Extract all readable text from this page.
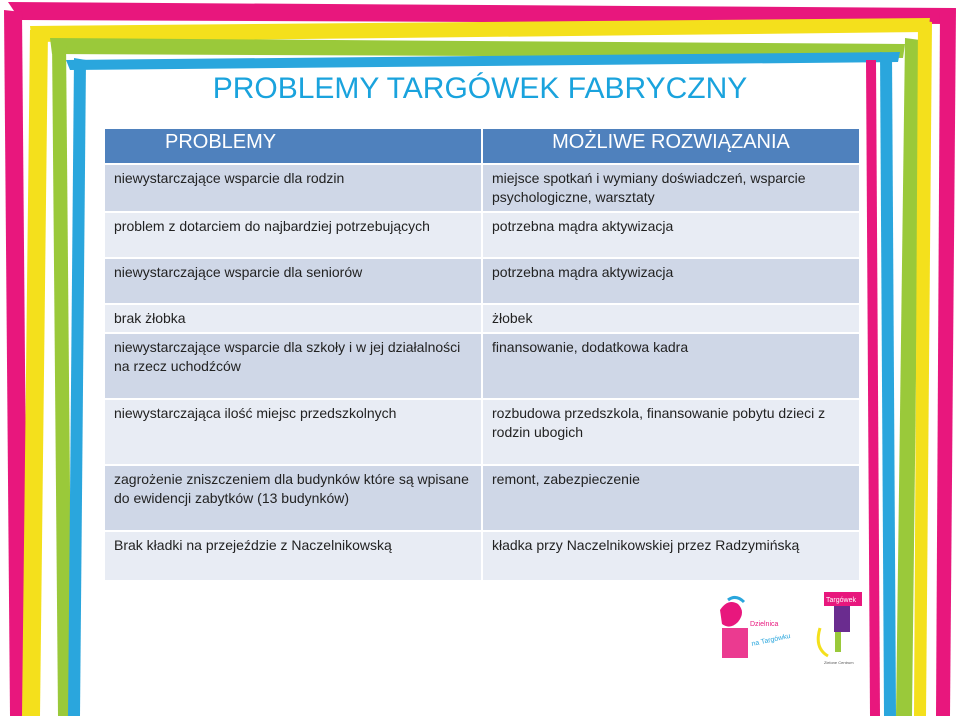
PROBLEMY TARGÓWEK FABRYCZNY
PROBLEMY	MOŻLIWE ROZWIĄZANIA
niewystarczające wsparcie dla rodzin	miejsce spotkań i wymiany doświadczeń, wsparcie psychologiczne, warsztaty
problem z dotarciem do najbardziej potrzebujących	potrzebna mądra aktywizacja
niewystarczające wsparcie dla seniorów	potrzebna mądra aktywizacja
brak żłobka	żłobek
niewystarczające wsparcie dla szkoły i w jej działalności na rzecz uchodźców	finansowanie, dodatkowa kadra
niewystarczająca ilość miejsc przedszkolnych	rozbudowa przedszkola, finansowanie pobytu dzieci z rodzin ubogich
zagrożenie zniszczeniem dla budynków które są wpisane do ewidencji zabytków (13 budynków)	remont, zabezpieczenie
Brak kładki na przejeździe z Naczelnikowską	kładka przy Naczelnikowskiej przez Radzymińską
Dzielnica
na Targówku
Targówek
Zielone Centrum
